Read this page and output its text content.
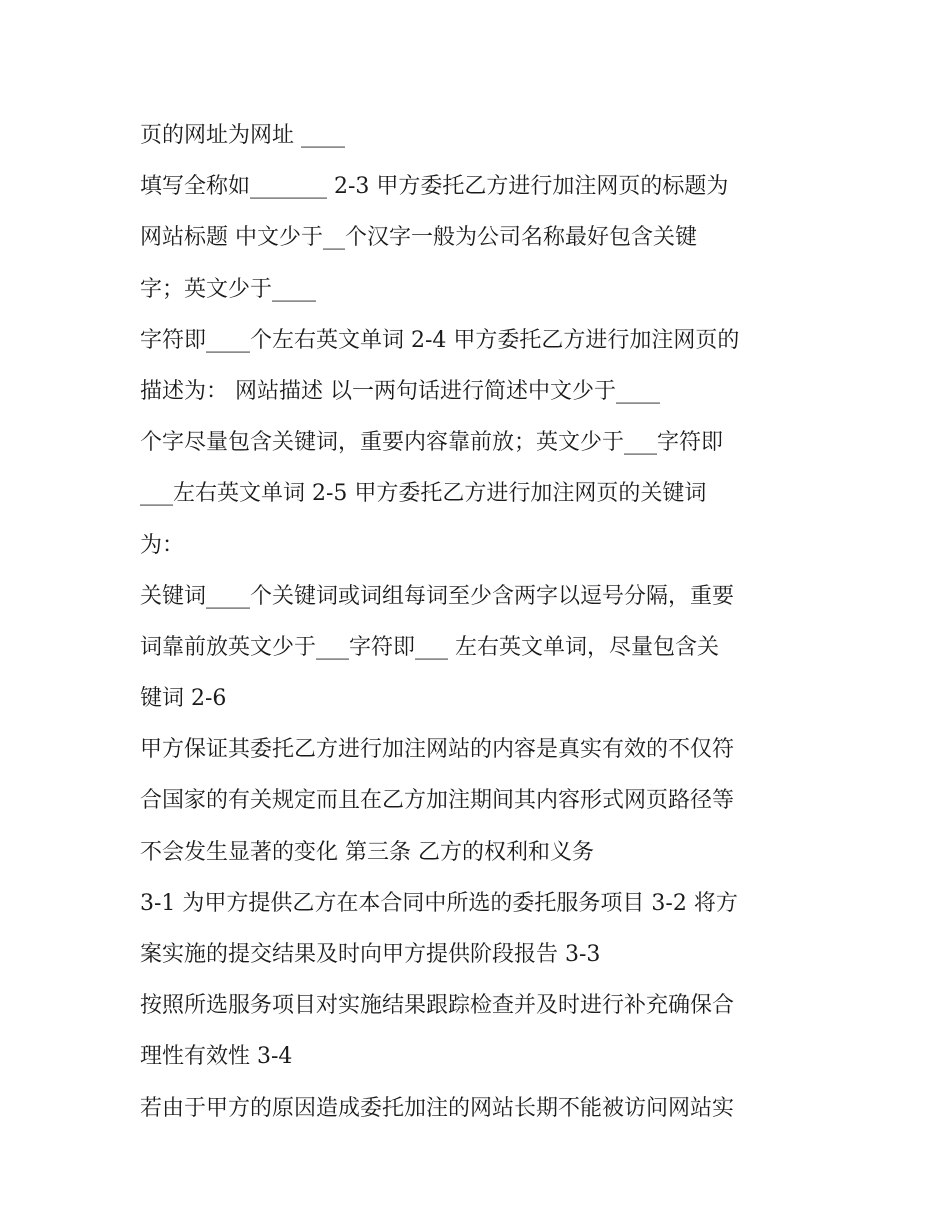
页的网址为网址 ____
填写全称如_______ 2-3 甲方委托乙方进行加注网页的标题为
网站标题 中文少于__个汉字一般为公司名称最好包含关键
字；英文少于____
字符即____个左右英文单词 2-4 甲方委托乙方进行加注网页的
描述为： 网站描述 以一两句话进行简述中文少于____
个字尽量包含关键词，重要内容靠前放；英文少于___字符即
___左右英文单词 2-5 甲方委托乙方进行加注网页的关键词
为：
关键词____个关键词或词组每词至少含两字以逗号分隔，重要
词靠前放英文少于___字符即___ 左右英文单词，尽量包含关
键词 2-6
甲方保证其委托乙方进行加注网站的内容是真实有效的不仅符
合国家的有关规定而且在乙方加注期间其内容形式网页路径等
不会发生显著的变化 第三条 乙方的权利和义务
3-1 为甲方提供乙方在本合同中所选的委托服务项目 3-2 将方
案实施的提交结果及时向甲方提供阶段报告 3-3
按照所选服务项目对实施结果跟踪检查并及时进行补充确保合
理性有效性 3-4
若由于甲方的原因造成委托加注的网站长期不能被访问网站实
